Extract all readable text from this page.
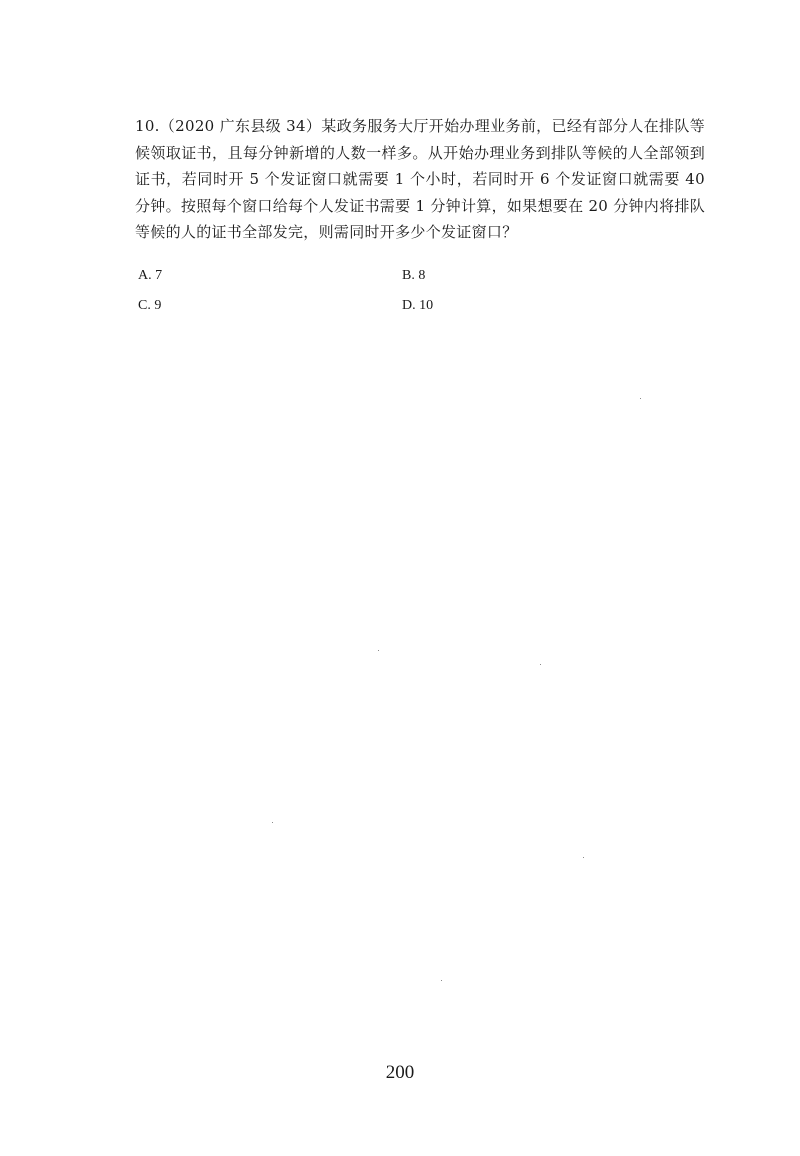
10.（2020 广东县级 34）某政务服务大厅开始办理业务前，已经有部分人在排队等候领取证书，且每分钟新增的人数一样多。从开始办理业务到排队等候的人全部领到证书，若同时开 5 个发证窗口就需要 1 个小时，若同时开 6 个发证窗口就需要 40 分钟。按照每个窗口给每个人发证书需要 1 分钟计算，如果想要在 20 分钟内将排队等候的人的证书全部发完，则需同时开多少个发证窗口？
A. 7	B. 8
C. 9	D. 10
200
